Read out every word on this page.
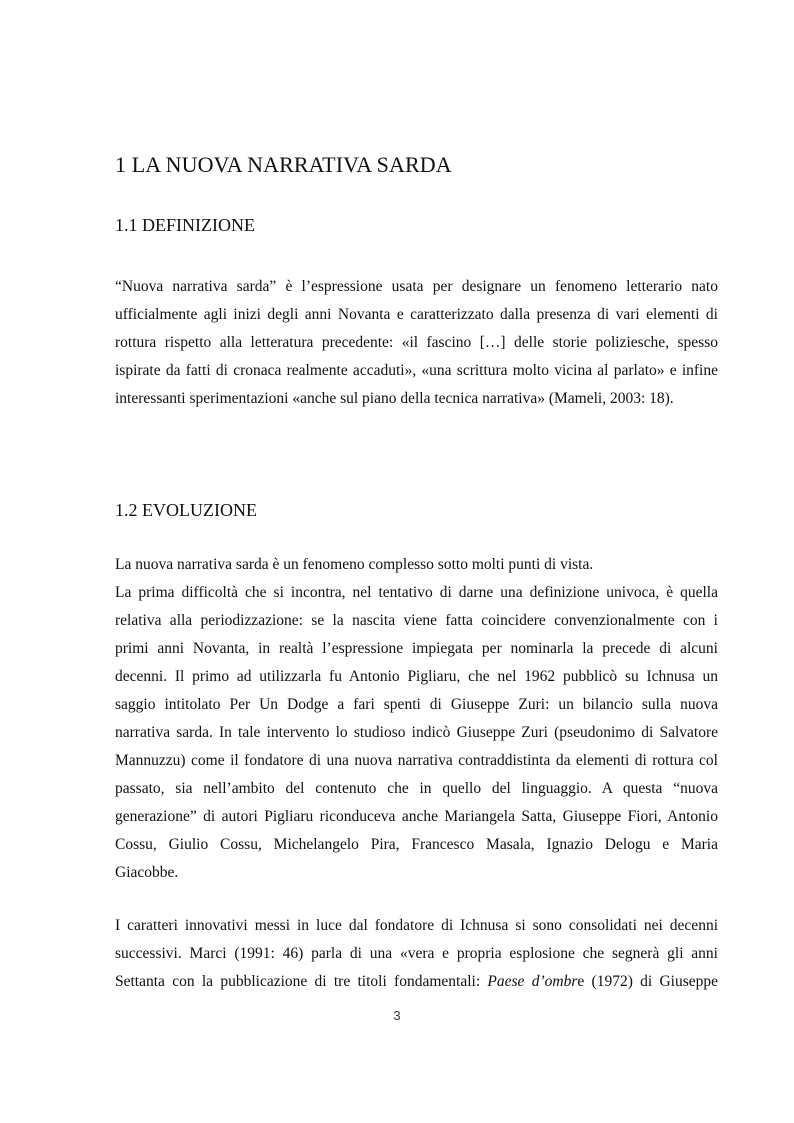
1 LA NUOVA NARRATIVA SARDA
1.1 DEFINIZIONE
“Nuova narrativa sarda” è l’espressione usata per designare un fenomeno letterario nato
ufficialmente agli inizi degli anni Novanta e caratterizzato dalla presenza di vari elementi di
rottura rispetto alla letteratura precedente: «il fascino […] delle storie poliziesche, spesso
ispirate da fatti di cronaca realmente accaduti», «una scrittura molto vicina al parlato» e infine
interessanti sperimentazioni «anche sul piano della tecnica narrativa» (Mameli, 2003: 18).
1.2 EVOLUZIONE
La nuova narrativa sarda è un fenomeno complesso sotto molti punti di vista.
La prima difficoltà che si incontra, nel tentativo di darne una definizione univoca, è quella
relativa alla periodizzazione: se la nascita viene fatta coincidere convenzionalmente con i
primi anni Novanta, in realtà l’espressione impiegata per nominarla la precede di alcuni
decenni. Il primo ad utilizzarla fu Antonio Pigliaru, che nel 1962 pubblicò su Ichnusa un
saggio intitolato Per Un Dodge a fari spenti di Giuseppe Zuri: un bilancio sulla nuova
narrativa sarda. In tale intervento lo studioso indicò Giuseppe Zuri (pseudonimo di Salvatore
Mannuzzu) come il fondatore di una nuova narrativa contraddistinta da elementi di rottura col
passato, sia nell’ambito del contenuto che in quello del linguaggio. A questa “nuova
generazione” di autori Pigliaru riconduceva anche Mariangela Satta, Giuseppe Fiori, Antonio
Cossu, Giulio Cossu, Michelangelo Pira, Francesco Masala, Ignazio Delogu e Maria
Giacobbe.
I caratteri innovativi messi in luce dal fondatore di Ichnusa si sono consolidati nei decenni
successivi. Marci (1991: 46) parla di una «vera e propria esplosione che segnerà gli anni
Settanta con la pubblicazione di tre titoli fondamentali: Paese d’ombre (1972) di Giuseppe
3
